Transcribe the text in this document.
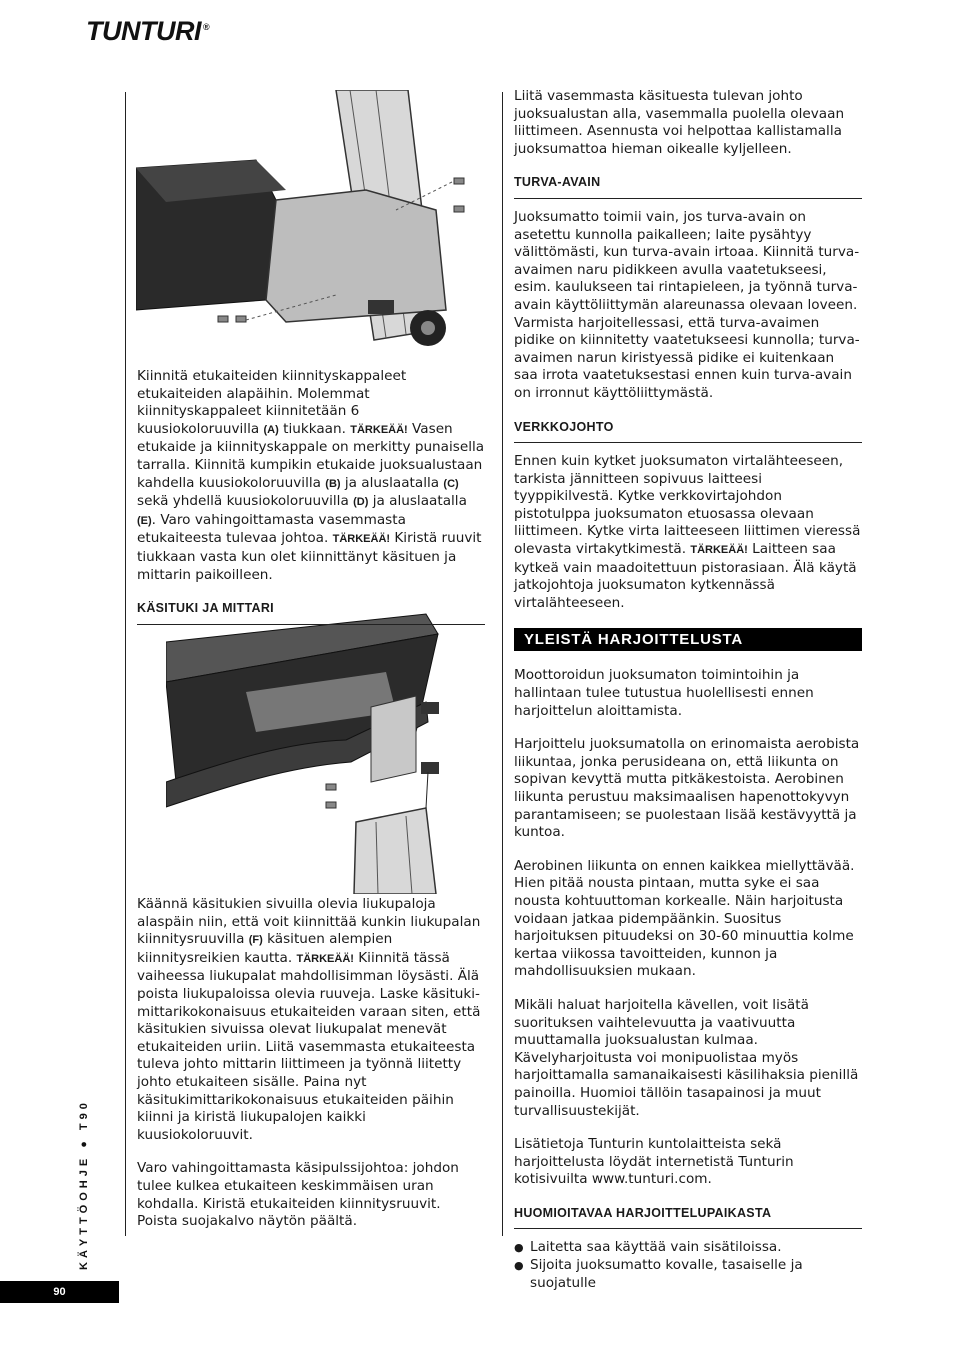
TUNTURI ®

Kiinnitä etukaiteiden kiinnityskappaleet etukaiteiden alapäihin. Molemmat kiinnityskappaleet kiinnitetään 6 kuusiokoloruuvilla (A) tiukkaan. TÄRKEÄÄ! Vasen etukaide ja kiinnityskappale on merkitty punaisella tarralla. Kiinnitä kumpikin etukaide juoksualustaan kahdella kuusiokoloruuvilla (B) ja aluslaatalla (C) sekä yhdellä kuusiokoloruuvilla (D) ja aluslaatalla (E). Varo vahingoittamasta vasemmasta etukaiteesta tulevaa johtoa. TÄRKEÄÄ! Kiristä ruuvit tiukkaan vasta kun olet kiinnittänyt käsituen ja mittarin paikoilleen.

KÄSITUKI JA MITTARI

Käännä käsitukien sivuilla olevia liukupaloja alaspäin niin, että voit kiinnittää kunkin liukupalan kiinnitysruuvilla (F) käsituen alempien kiinnitysreikien kautta. TÄRKEÄÄ! Kiinnitä tässä vaiheessa liukupalat mahdollisimman löysästi. Älä poista liukupaloissa olevia ruuveja. Laske käsituki-mittarikokonaisuus etukaiteiden varaan siten, että käsitukien sivuissa olevat liukupalat menevät etukaiteiden uriin. Liitä vasemmasta etukaiteesta tuleva johto mittarin liittimeen ja työnnä liitetty johto etukaiteen sisälle. Paina nyt käsitukimittarikokonaisuus etukaiteiden päihin kiinni ja kiristä liukupalojen kaikki kuusiokoloruuvit.

Varo vahingoittamasta käsipulssijohtoa: johdon tulee kulkea etukaiteen keskimmäisen uran kohdalla. Kiristä etukaiteiden kiinnitysruuvit. Poista suojakalvo näytön päältä.

Liitä vasemmasta käsituesta tulevan johto juoksualustan alla, vasemmalla puolella olevaan liittimeen. Asennusta voi helpottaa kallistamalla juoksumattoa hieman oikealle kyljelleen.

TURVA-AVAIN

Juoksumatto toimii vain, jos turva-avain on asetettu kunnolla paikalleen; laite pysähtyy välittömästi, kun turva-avain irtoaa. Kiinnitä turva-avaimen naru pidikkeen avulla vaatetukseesi, esim. kaulukseen tai rintapieleen, ja työnnä turva-avain käyttöliittymän alareunassa olevaan loveen. Varmista harjoitellessasi, että turva-avaimen pidike on kiinnitetty vaatetukseesi kunnolla; turva-avaimen narun kiristyessä pidike ei kuitenkaan saa irrota vaatetuksestasi ennen kuin turva-avain on irronnut käyttöliittymästä.

VERKKOJOHTO

Ennen kuin kytket juoksumaton virtalähteeseen, tarkista jännitteen sopivuus laitteesi tyyppikilvestä. Kytke verkkovirtajohdon pistotulppa juoksumaton etuosassa olevaan liittimeen. Kytke virta laitteeseen liittimen vieressä olevasta virtakytkimestä. TÄRKEÄÄ! Laitteen saa kytkeä vain maadoitettuun pistorasiaan. Älä käytä jatkojohtoja juoksumaton kytkennässä virtalähteeseen.

YLEISTÄ HARJOITTELUSTA

Moottoroidun juoksumaton toimintoihin ja hallintaan tulee tutustua huolellisesti ennen harjoittelun aloittamista.

Harjoittelu juoksumatolla on erinomaista aerobista liikuntaa, jonka perusideana on, että liikunta on sopivan kevyttä mutta pitkäkestoista. Aerobinen liikunta perustuu maksimaalisen hapenottokyvyn parantamiseen; se puolestaan lisää kestävyyttä ja kuntoa.

Aerobinen liikunta on ennen kaikkea miellyttävää. Hien pitää nousta pintaan, mutta syke ei saa nousta kohtuuttoman korkealle. Näin harjoitusta voidaan jatkaa pidempäänkin. Suositus harjoituksen pituudeksi on 30-60 minuuttia kolme kertaa viikossa tavoitteiden, kunnon ja mahdollisuuksien mukaan.

Mikäli haluat harjoitella kävellen, voit lisätä suorituksen vaihtelevuutta ja vaativuutta muuttamalla juoksualustan kulmaa. Kävelyharjoitusta voi monipuolistaa myös harjoittamalla samanaikaisesti käsilihaksia pienillä painoilla. Huomioi tällöin tasapainosi ja muut turvallisuustekijät.

Lisätietoja Tunturin kuntolaitteista sekä harjoittelusta löydät internetistä Tunturin kotisivuilta www.tunturi.com.

HUOMIOITAVAA HARJOITTELUPAIKASTA
● Laitetta saa käyttää vain sisätiloissa.
● Sijoita juoksumatto kovalle, tasaiselle ja suojatulle
KÄYTTÖOHJE ● T90
90
